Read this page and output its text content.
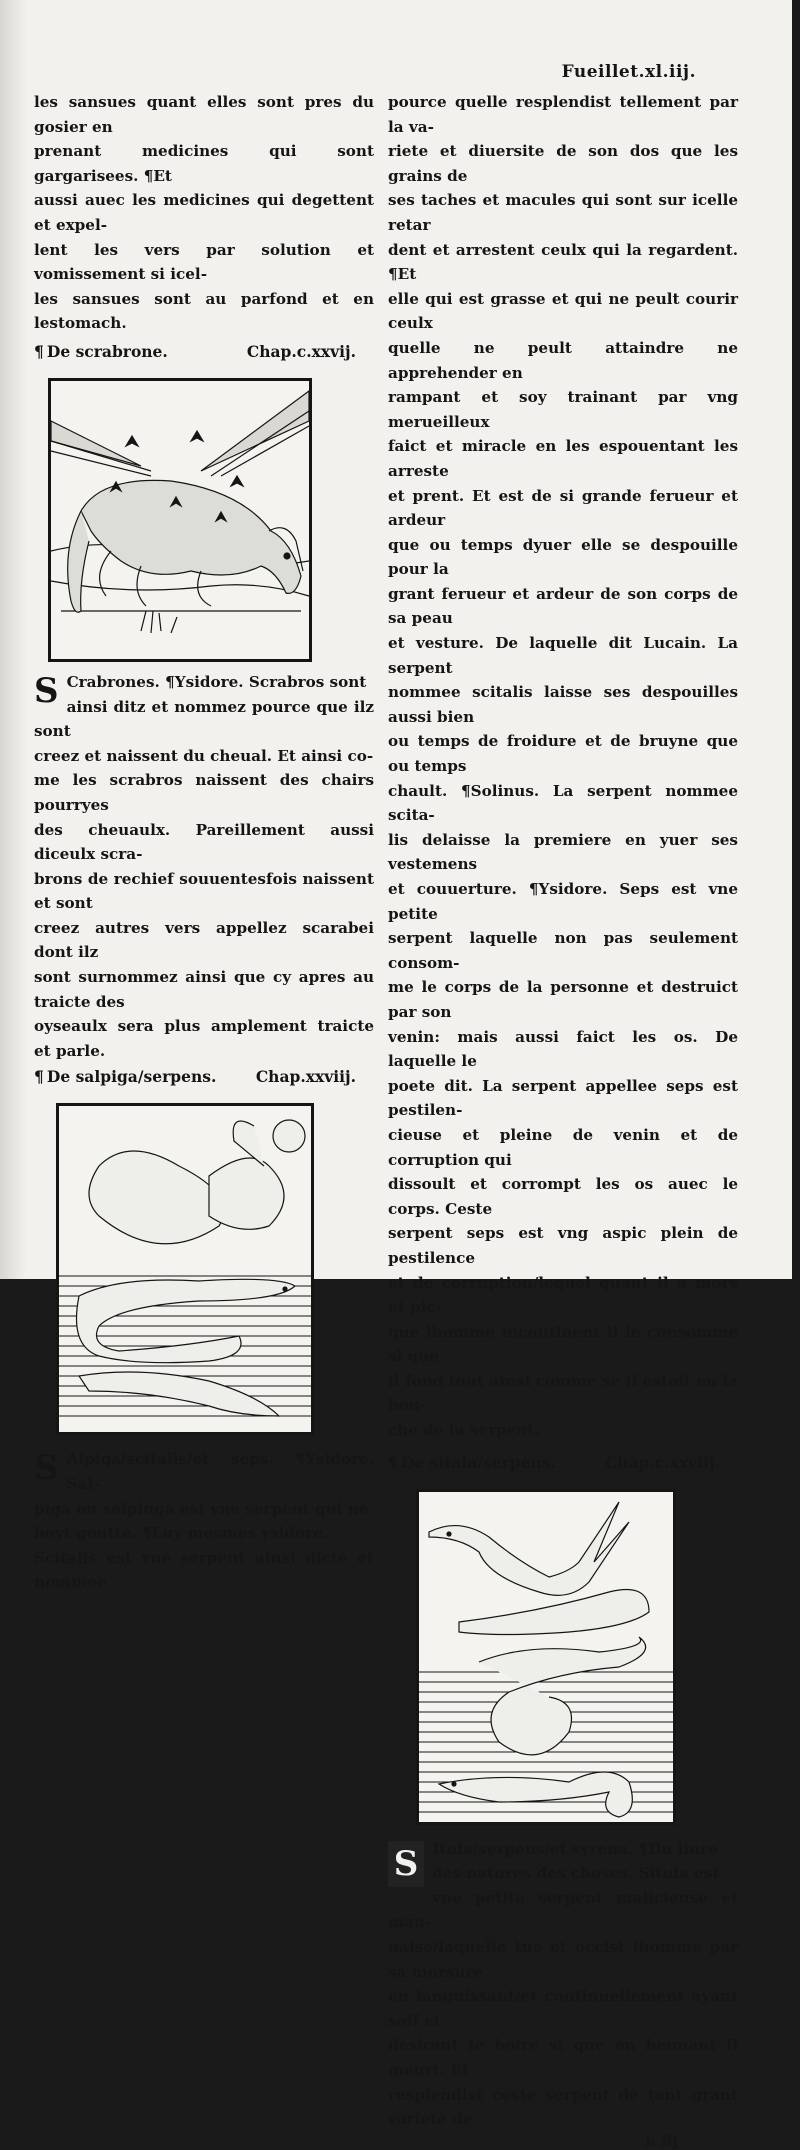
Fueillet.xl.iij.

les sansues quant elles sont pres du gosier en
prenant medicines qui sont gargarisees. ¶Et
aussi auec les medicines qui degettent et expel-
lent les vers par solution et vomissement si icel-
les sansues sont au parfond et en lestomach.

¶ De scrabrone.	Chap.c.xxvij.
S Crabrones. ¶Ysidore. Scrabros sont
ainsi ditz et nommez pource que ilz sont
creez et naissent du cheual. Et ainsi co-
me les scrabros naissent des chairs pourryes
des cheuaulx. Pareillement aussi diceulx scra-
brons de rechief souuentesfois naissent et sont
creez autres vers appellez scarabei dont ilz
sont surnommez ainsi que cy apres au traicte des
oyseaulx sera plus amplement traicte et parle.

¶ De salpiga/serpens.	Chap.xxviij.
S Alpiga/scitalis/et seps. ¶Ysidore. Sal-
piga ou salpinga est vne serpent qui ne
boyt goutte. ¶Luy mesmes ysidore.
Scitalis est vne serpent ainsi dicte et nommee

pource quelle resplendist tellement par la va-
riete et diuersite de son dos que les grains de
ses taches et macules qui sont sur icelle retar
dent et arrestent ceulx qui la regardent. ¶Et
elle qui est grasse et qui ne peult courir ceulx
quelle ne peult attaindre ne apprehender en
rampant et soy trainant par vng merueilleux
faict et miracle en les espouentant les arreste
et prent. Et est de si grande ferueur et ardeur
que ou temps dyuer elle se despouille pour la
grant ferueur et ardeur de son corps de sa peau
et vesture. De laquelle dit Lucain. La serpent
nommee scitalis laisse ses despouilles aussi bien
ou temps de froidure et de bruyne que ou temps
chault. ¶Solinus. La serpent nommee scita-
lis delaisse la premiere en yuer ses vestemens
et couuerture. ¶Ysidore. Seps est vne petite
serpent laquelle non pas seulement consom-
me le corps de la personne et destruict par son
venin: mais aussi faict les os. De laquelle le
poete dit. La serpent appellee seps est pestilen-
cieuse et pleine de venin et de corruption qui
dissoult et corrompt les os auec le corps. Ceste
serpent seps est vng aspic plein de pestilence
et de corruption/lequel quant il a mors et pic-
que lhomme incontinent il le consomme si que
il fond tout ainsi comme se il estoit en la bou-
che de la serpent.

¶ De sitala/serpens.	Chap.c.xxviij.
S Itula/serpens/et syrena. ¶Du liure
des natures des choses. Situla est
vne petite serpent malicieuse et mau-
uaise/laquelle tue et occist lhomme par sa morsure
en languissant/et continuellement ayant soif et
desirant le boire si que en beuuant il meurt. Et
resplendist ceste serpent de tant grant variete de

h iij
